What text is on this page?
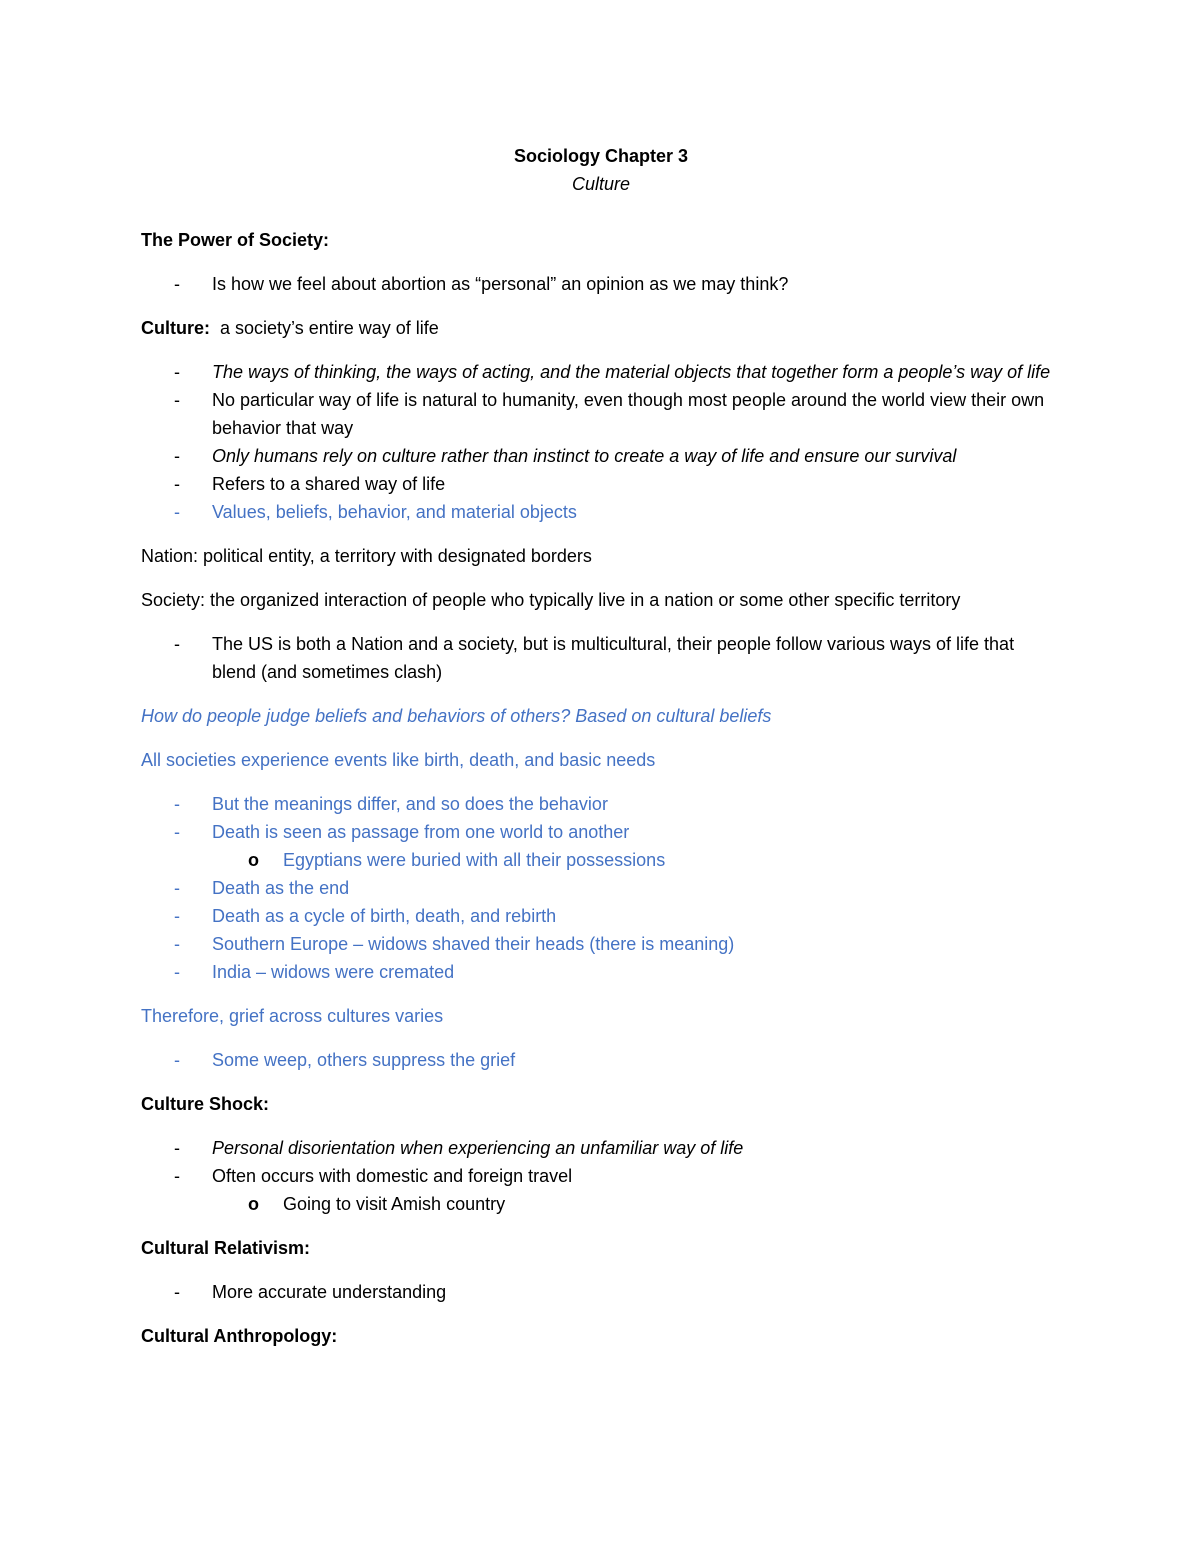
Sociology Chapter 3

Culture

The Power of Society:

- Is how we feel about abortion as “personal” an opinion as we may think?

Culture:  a society’s entire way of life

- The ways of thinking, the ways of acting, and the material objects that together form a people’s way of life
- No particular way of life is natural to humanity, even though most people around the world view their own behavior that way
- Only humans rely on culture rather than instinct to create a way of life and ensure our survival
- Refers to a shared way of life
- Values, beliefs, behavior, and material objects

Nation: political entity, a territory with designated borders

Society: the organized interaction of people who typically live in a nation or some other specific territory

- The US is both a Nation and a society, but is multicultural, their people follow various ways of life that blend (and sometimes clash)

How do people judge beliefs and behaviors of others? Based on cultural beliefs

All societies experience events like birth, death, and basic needs

- But the meanings differ, and so does the behavior
- Death is seen as passage from one world to another
o Egyptians were buried with all their possessions
- Death as the end
- Death as a cycle of birth, death, and rebirth
- Southern Europe – widows shaved their heads (there is meaning)
- India – widows were cremated

Therefore, grief across cultures varies

- Some weep, others suppress the grief

Culture Shock:

- Personal disorientation when experiencing an unfamiliar way of life
- Often occurs with domestic and foreign travel
o Going to visit Amish country

Cultural Relativism:

- More accurate understanding

Cultural Anthropology:
